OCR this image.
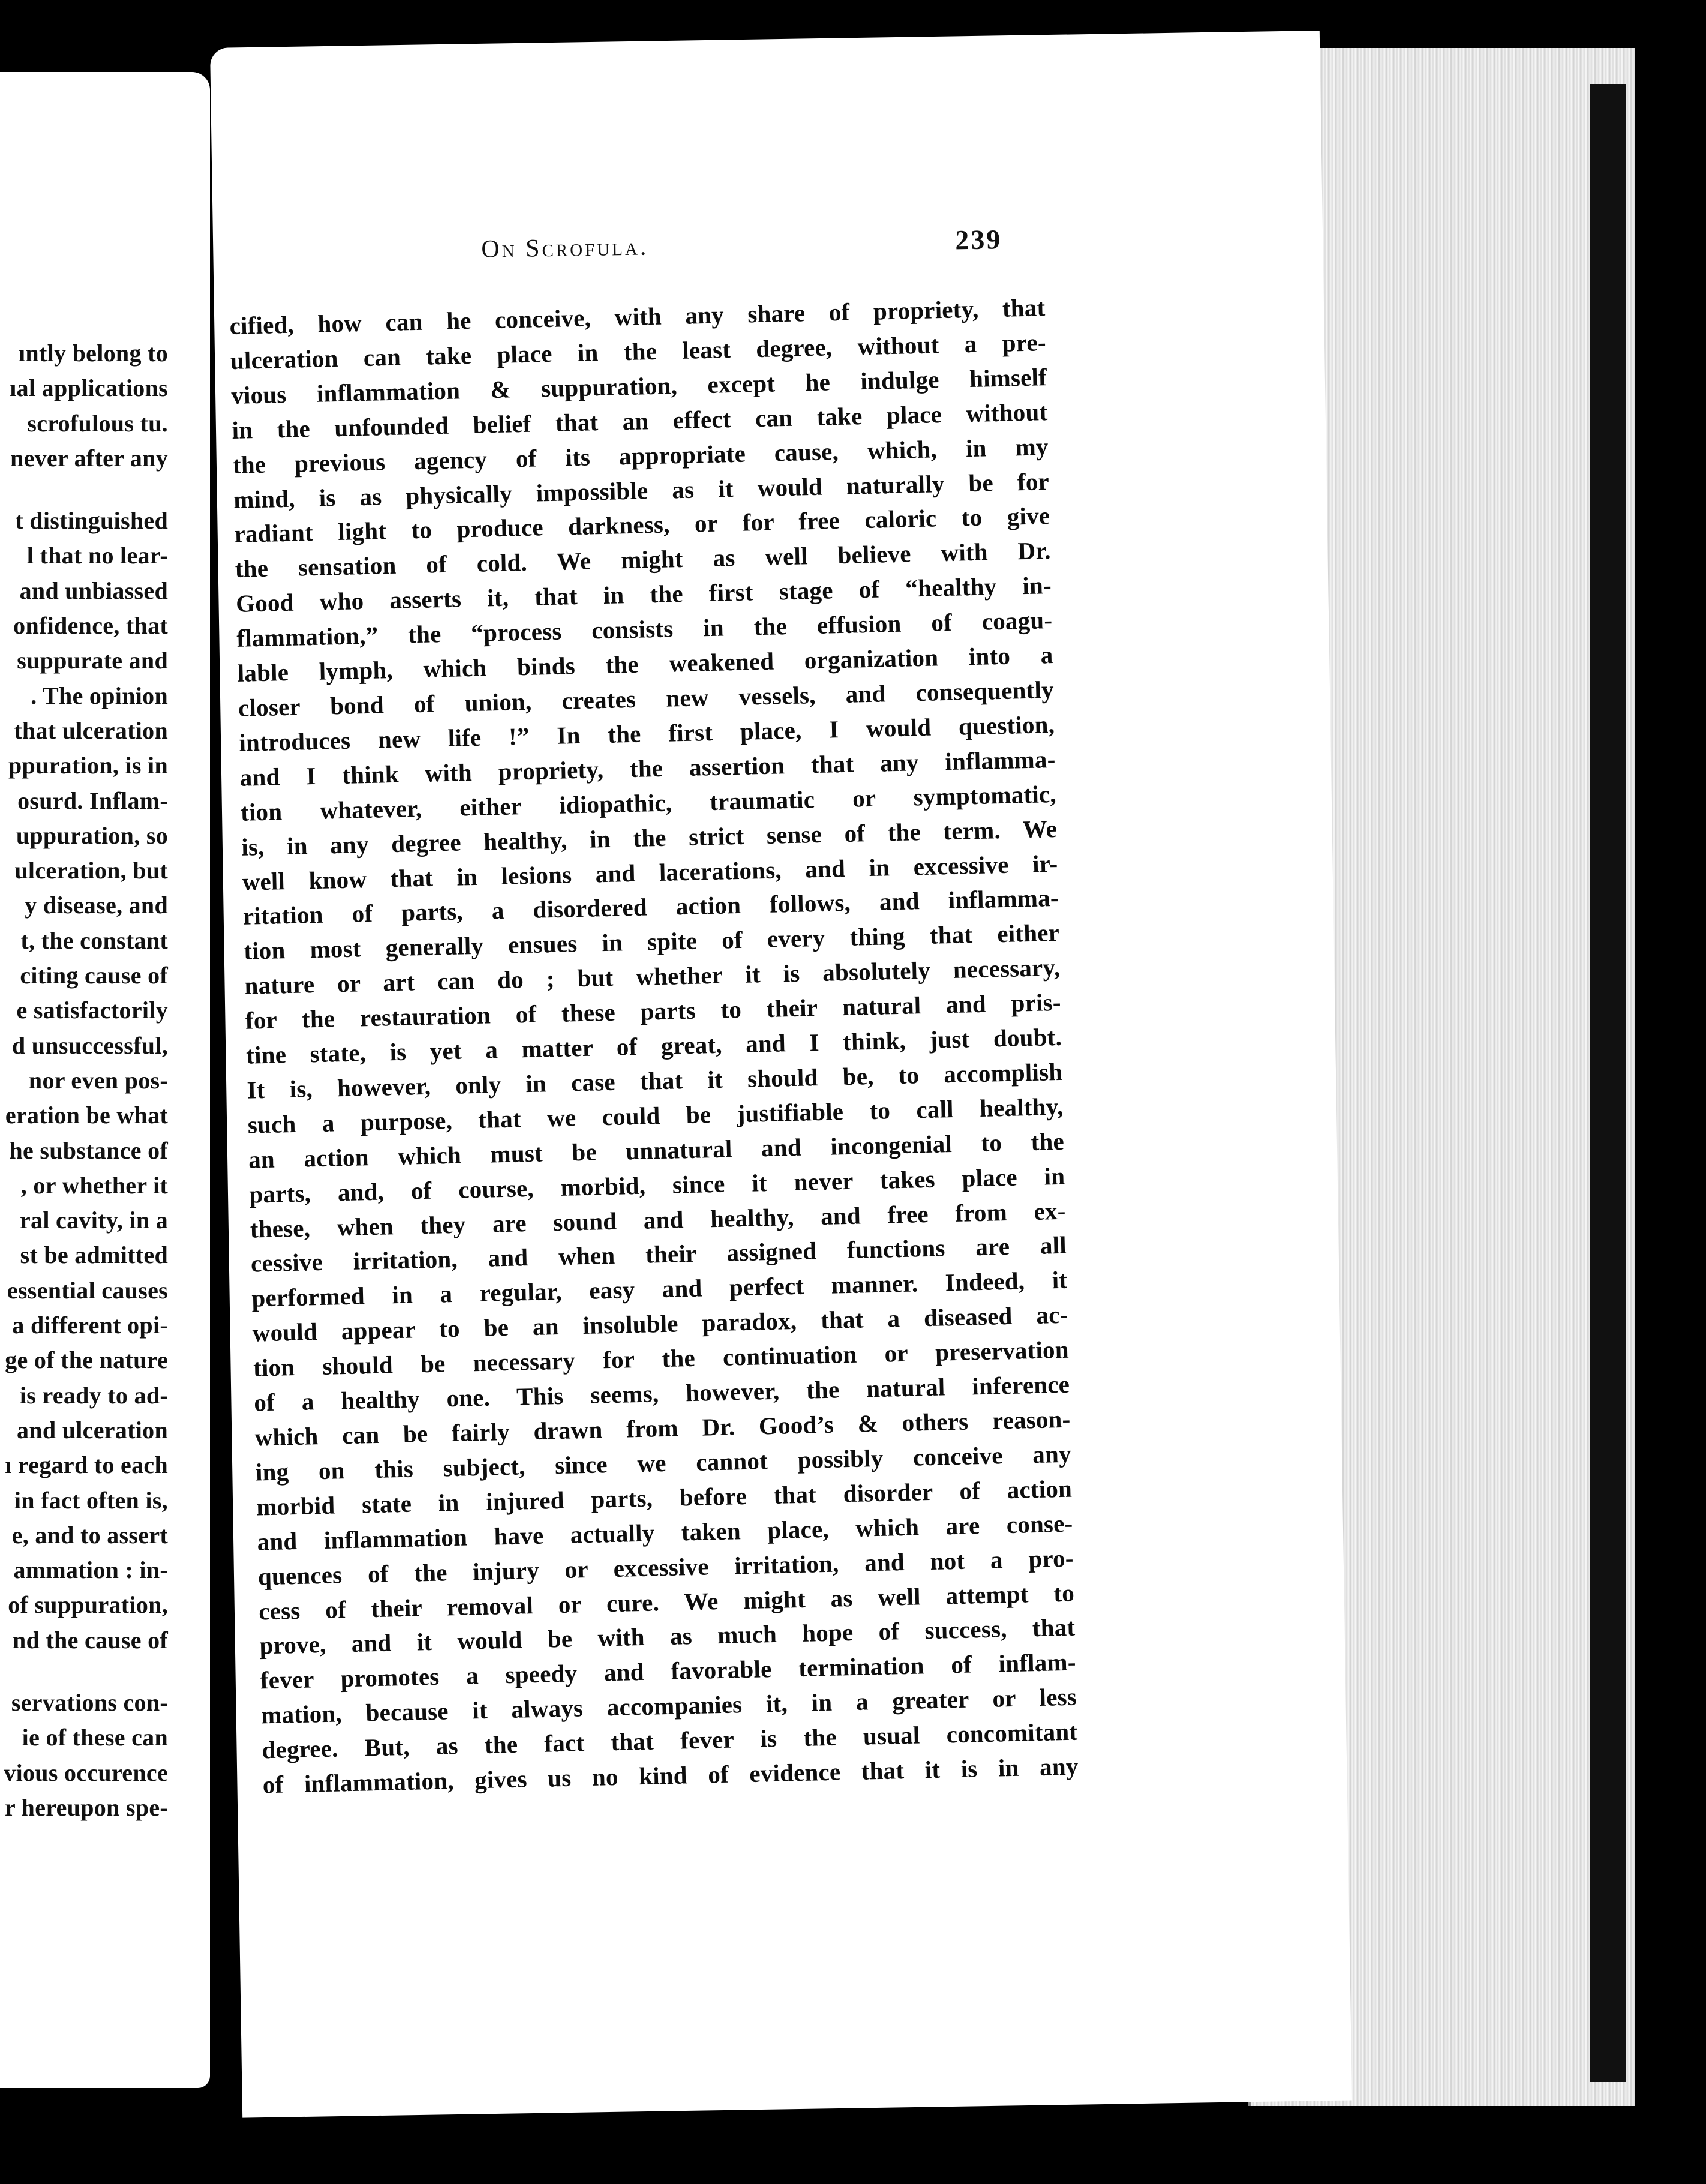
ıntly belong to
ıal applications
scrofulous tu.
never after any
t distinguished
l that no lear-
and unbiassed
onfidence, that
suppurate and
. The opinion
that ulceration
ppuration, is in
osurd. Inflam-
uppuration, so
ulceration, but
y disease, and
t, the constant
citing cause of
e satisfactorily
d unsuccessful,
nor even pos-
eration be what
he substance of
, or whether it
ral cavity, in a
st be admitted
essential causes
a different opi-
ge of the nature
is ready to ad-
and ulceration
ı regard to each
in fact often is,
e, and to assert
ammation : in-
of suppuration,
nd the cause of
servations con-
ie of these can
vious occurence
r hereupon spe-
On Scrofula.	239
cified, how can he conceive, with any share of propriety, that
ulceration can take place in the least degree, without a pre-
vious inflammation & suppuration, except he indulge himself
in the unfounded belief that an effect can take place without
the previous agency of its appropriate cause, which, in my
mind, is as physically impossible as it would naturally be for
radiant light to produce darkness, or for free caloric to give
the sensation of cold. We might as well believe with Dr.
Good who asserts it, that in the first stage of “healthy in-
flammation,” the “process consists in the effusion of coagu-
lable lymph, which binds the weakened organization into a
closer bond of union, creates new vessels, and consequently
introduces new life !” In the first place, I would question,
and I think with propriety, the assertion that any inflamma-
tion whatever, either idiopathic, traumatic or symptomatic,
is, in any degree healthy, in the strict sense of the term. We
well know that in lesions and lacerations, and in excessive ir-
ritation of parts, a disordered action follows, and inflamma-
tion most generally ensues in spite of every thing that either
nature or art can do ; but whether it is absolutely necessary,
for the restauration of these parts to their natural and pris-
tine state, is yet a matter of great, and I think, just doubt.
It is, however, only in case that it should be, to accomplish
such a purpose, that we could be justifiable to call healthy,
an action which must be unnatural and incongenial to the
parts, and, of course, morbid, since it never takes place in
these, when they are sound and healthy, and free from ex-
cessive irritation, and when their assigned functions are all
performed in a regular, easy and perfect manner. Indeed, it
would appear to be an insoluble paradox, that a diseased ac-
tion should be necessary for the continuation or preservation
of a healthy one. This seems, however, the natural inference
which can be fairly drawn from Dr. Good’s & others reason-
ing on this subject, since we cannot possibly conceive any
morbid state in injured parts, before that disorder of action
and inflammation have actually taken place, which are conse-
quences of the injury or excessive irritation, and not a pro-
cess of their removal or cure. We might as well attempt to
prove, and it would be with as much hope of success, that
fever promotes a speedy and favorable termination of inflam-
mation, because it always accompanies it, in a greater or less
degree. But, as the fact that fever is the usual concomitant
of inflammation, gives us no kind of evidence that it is in any
